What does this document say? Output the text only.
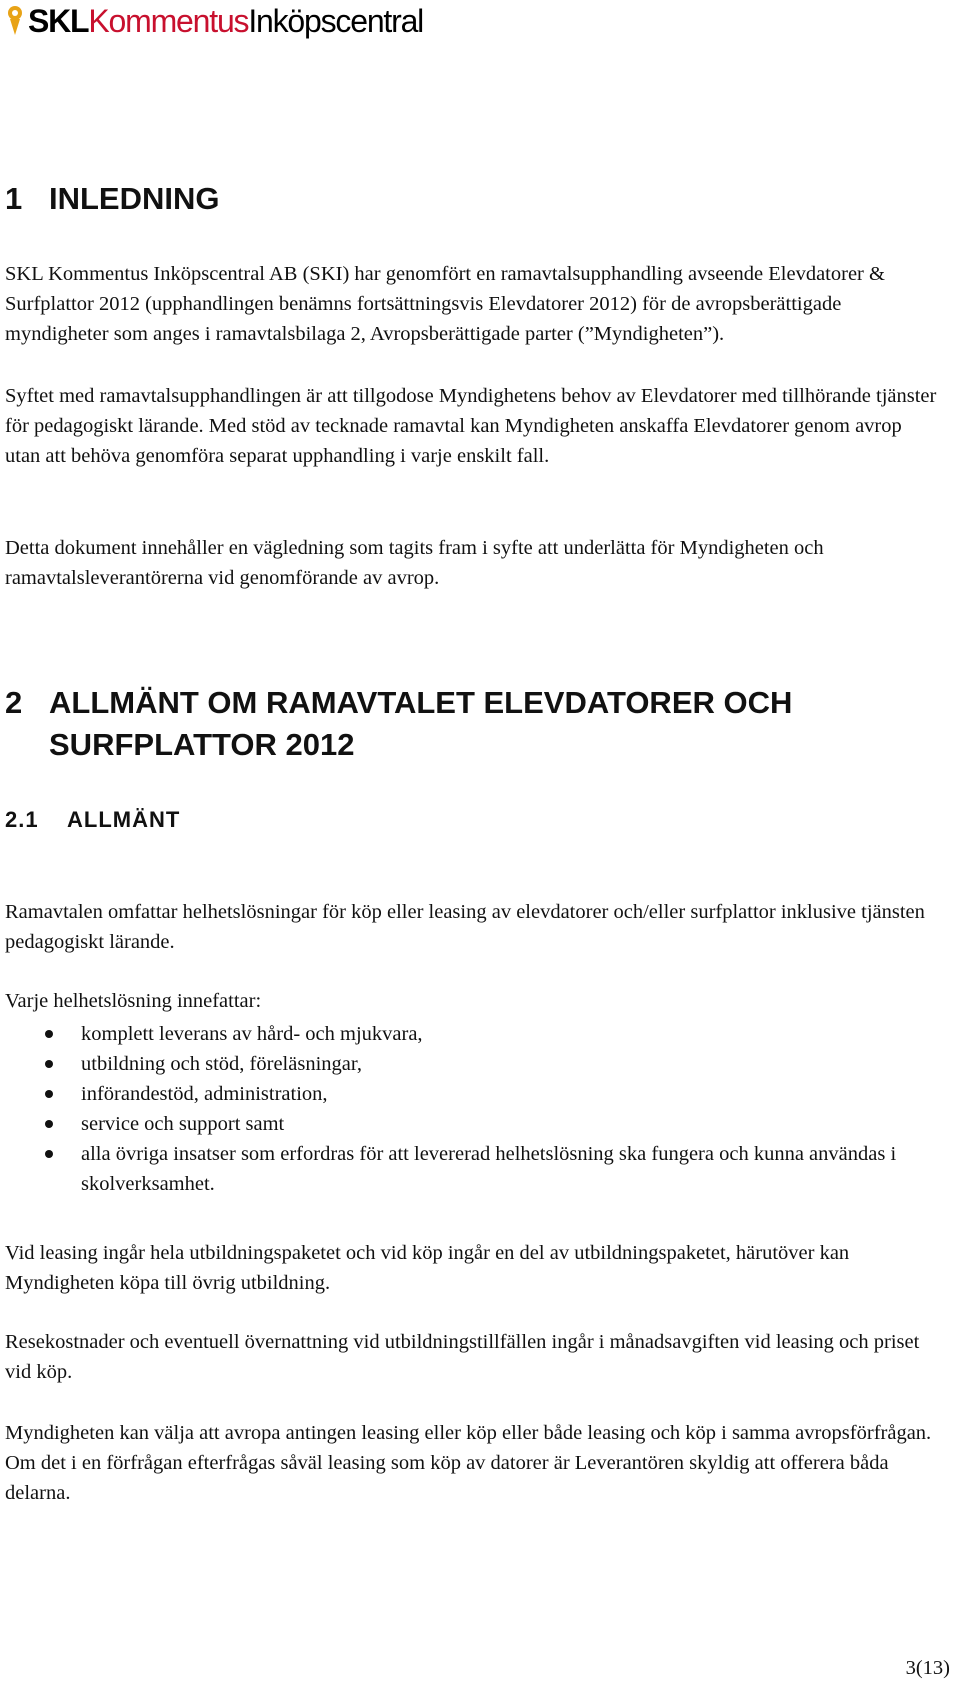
SKLKommentusInköpscentral
1 INLEDNING

SKL Kommentus Inköpscentral AB (SKI) har genomfört en ramavtalsupphandling avseende Elevdatorer & Surfplattor 2012 (upphandlingen benämns fortsättningsvis Elevdatorer 2012) för de avropsberättigade myndigheter som anges i ramavtalsbilaga 2, Avropsberättigade parter (”Myndigheten”).

Syftet med ramavtalsupphandlingen är att tillgodose Myndighetens behov av Elevdatorer med tillhörande tjänster för pedagogiskt lärande. Med stöd av tecknade ramavtal kan Myndigheten anskaffa Elevdatorer genom avrop utan att behöva genomföra separat upphandling i varje enskilt fall.

Detta dokument innehåller en vägledning som tagits fram i syfte att underlätta för Myndigheten och ramavtalsleverantörerna vid genomförande av avrop.

2 ALLMÄNT OM RAMAVTALET ELEVDATORER OCH
SURFPLATTOR 2012
2.1 ALLMÄNT

Ramavtalen omfattar helhetslösningar för köp eller leasing av elevdatorer och/eller surfplattor inklusive tjänsten pedagogiskt lärande.

Varje helhetslösning innefattar:

komplett leverans av hård- och mjukvara,
utbildning och stöd, föreläsningar,
införandestöd, administration,
service och support samt
alla övriga insatser som erfordras för att levererad helhetslösning ska fungera och kunna användas i skolverksamhet.

Vid leasing ingår hela utbildningspaketet och vid köp ingår en del av utbildningspaketet, härutöver kan Myndigheten köpa till övrig utbildning.

Resekostnader och eventuell övernattning vid utbildningstillfällen ingår i månadsavgiften vid leasing och priset vid köp.

Myndigheten kan välja att avropa antingen leasing eller köp eller både leasing och köp i samma avropsförfrågan. Om det i en förfrågan efterfrågas såväl leasing som köp av datorer är Leverantören skyldig att offerera båda delarna.

3(13)
